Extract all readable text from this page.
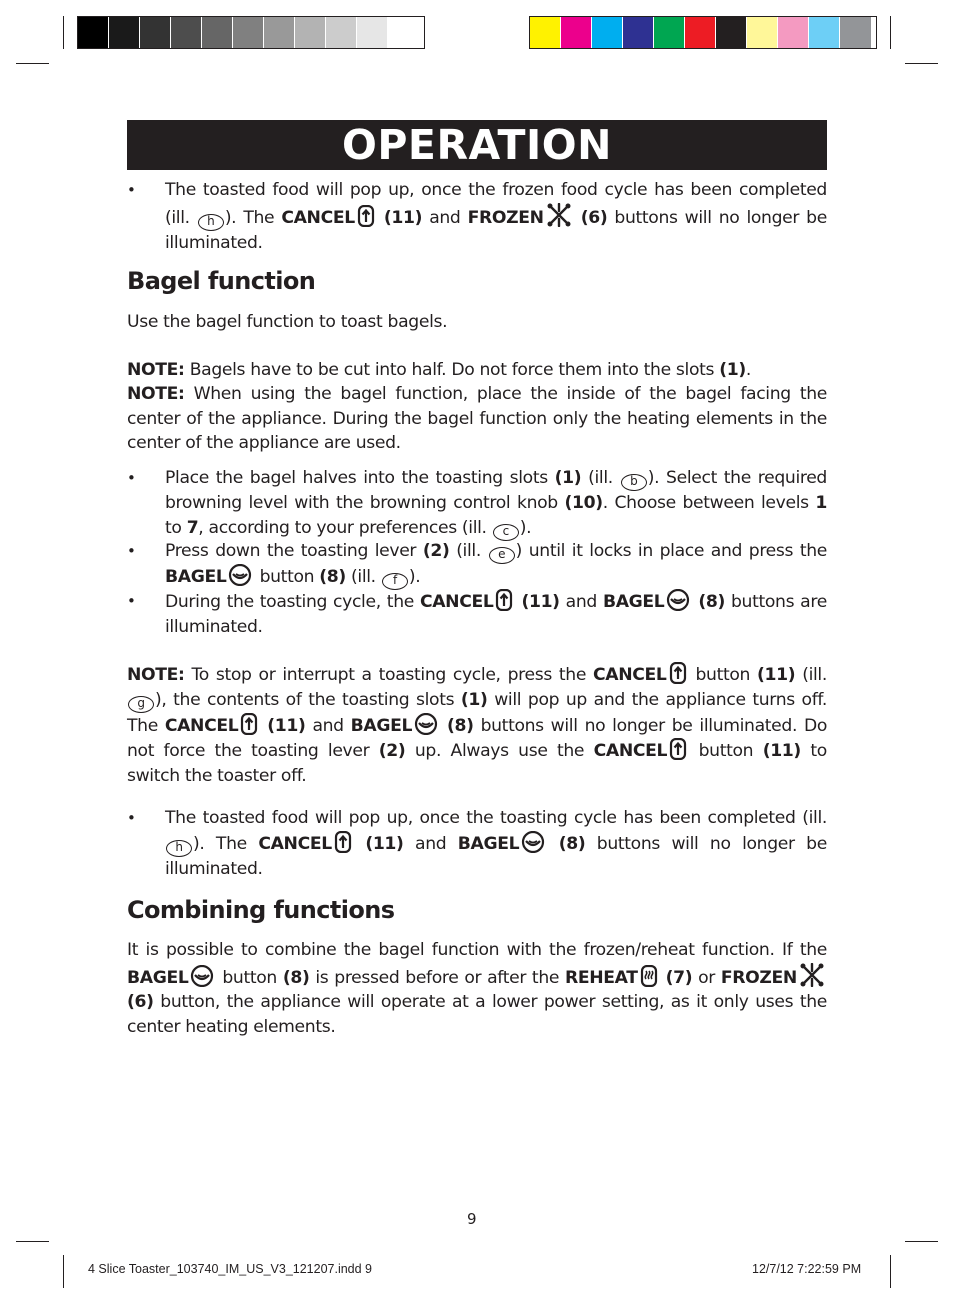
OPERATION
• The toasted food will pop up, once the frozen food cycle has been completed (ill. h ). The CANCEL (11) and FROZEN (6) buttons will no longer be illuminated.
Bagel function
Use the bagel function to toast bagels.
NOTE: Bagels have to be cut into half. Do not force them into the slots (1).
NOTE: When using the bagel function, place the inside of the bagel facing the center of the appliance. During the bagel function only the heating elements in the center of the appliance are used.
• Place the bagel halves into the toasting slots (1) (ill. b ). Select the required browning level with the browning control knob (10). Choose between levels 1 to 7, according to your preferences (ill. c ).
• Press down the toasting lever (2) (ill. e ) until it locks in place and press the BAGEL button (8) (ill. f ).
• During the toasting cycle, the CANCEL (11) and BAGEL (8) buttons are illuminated.
NOTE: To stop or interrupt a toasting cycle, press the CANCEL button (11) (ill. g ), the contents of the toasting slots (1) will pop up and the appliance turns off. The CANCEL (11) and BAGEL (8) buttons will no longer be illuminated. Do not force the toasting lever (2) up. Always use the CANCEL button (11) to switch the toaster off.
• The toasted food will pop up, once the toasting cycle has been completed (ill. h ). The CANCEL (11) and BAGEL (8) buttons will no longer be illuminated.
Combining functions
It is possible to combine the bagel function with the frozen/reheat function. If the BAGEL button (8) is pressed before or after the REHEAT (7) or FROZEN (6) button, the appliance will operate at a lower power setting, as it only uses the center heating elements.
9
4 Slice Toaster_103740_IM_US_V3_121207.indd 9	12/7/12 7:22:59 PM
